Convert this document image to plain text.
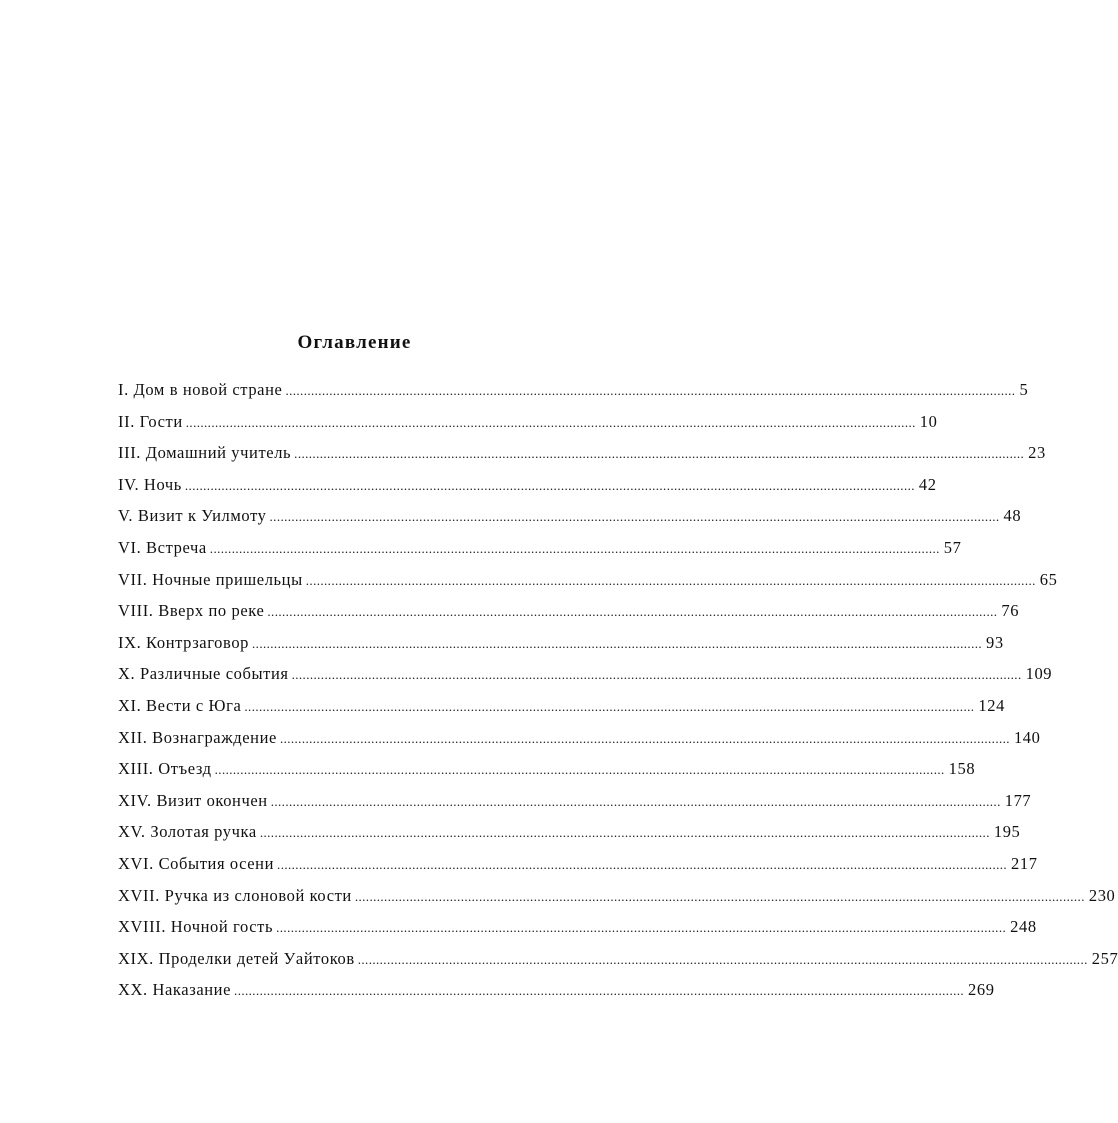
Оглавление
I. Дом в новой стране ........................................................................................................................................................................................................ 5
II. Гости ........................................................................................................................................................................................................ 10
III. Домашний учитель ........................................................................................................................................................................................................ 23
IV. Ночь ........................................................................................................................................................................................................ 42
V. Визит к Уилмоту ........................................................................................................................................................................................................ 48
VI. Встреча ........................................................................................................................................................................................................ 57
VII. Ночные пришельцы ........................................................................................................................................................................................................ 65
VIII. Вверх по реке ........................................................................................................................................................................................................ 76
IX. Контрзаговор ........................................................................................................................................................................................................ 93
X. Различные события ........................................................................................................................................................................................................ 109
XI. Вести с Юга ........................................................................................................................................................................................................ 124
XII. Вознаграждение ........................................................................................................................................................................................................ 140
XIII. Отъезд ........................................................................................................................................................................................................ 158
XIV. Визит окончен ........................................................................................................................................................................................................ 177
XV. Золотая ручка ........................................................................................................................................................................................................ 195
XVI. События осени ........................................................................................................................................................................................................ 217
XVII. Ручка из слоновой кости ........................................................................................................................................................................................................ 230
XVIII. Ночной гость ........................................................................................................................................................................................................ 248
XIX. Проделки детей Уайтоков ........................................................................................................................................................................................................ 257
XX. Наказание ........................................................................................................................................................................................................ 269
